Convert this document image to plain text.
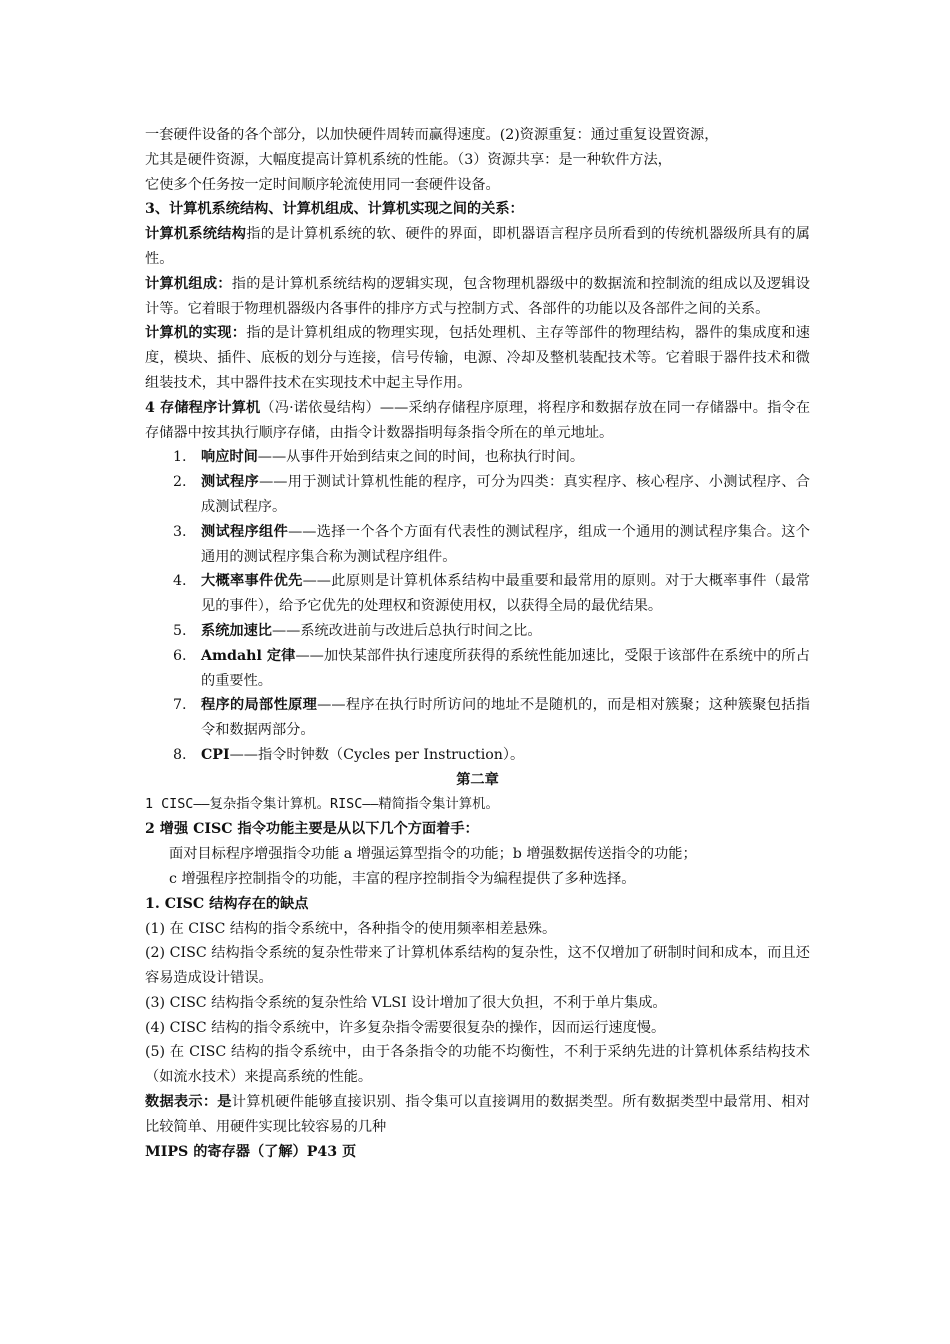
一套硬件设备的各个部分，以加快硬件周转而赢得速度。(2)资源重复：通过重复设置资源，

尤其是硬件资源，大幅度提高计算机系统的性能。（3）资源共享：是一种软件方法，

它使多个任务按一定时间顺序轮流使用同一套硬件设备。

3、计算机系统结构、计算机组成、计算机实现之间的关系：

计算机系统结构指的是计算机系统的软、硬件的界面，即机器语言程序员所看到的传统机器级所具有的属性。

计算机组成：指的是计算机系统结构的逻辑实现，包含物理机器级中的数据流和控制流的组成以及逻辑设计等。它着眼于物理机器级内各事件的排序方式与控制方式、各部件的功能以及各部件之间的关系。

计算机的实现：指的是计算机组成的物理实现，包括处理机、主存等部件的物理结构，器件的集成度和速度，模块、插件、底板的划分与连接，信号传输，电源、冷却及整机装配技术等。它着眼于器件技术和微组装技术，其中器件技术在实现技术中起主导作用。

4 存储程序计算机（冯·诺依曼结构）——采纳存储程序原理，将程序和数据存放在同一存储器中。指令在存储器中按其执行顺序存储，由指令计数器指明每条指令所在的单元地址。

1. 响应时间——从事件开始到结束之间的时间，也称执行时间。
2. 测试程序——用于测试计算机性能的程序，可分为四类：真实程序、核心程序、小测试程序、合成测试程序。
3. 测试程序组件——选择一个各个方面有代表性的测试程序，组成一个通用的测试程序集合。这个通用的测试程序集合称为测试程序组件。
4. 大概率事件优先——此原则是计算机体系结构中最重要和最常用的原则。对于大概率事件（最常见的事件），给予它优先的处理权和资源使用权，以获得全局的最优结果。
5. 系统加速比——系统改进前与改进后总执行时间之比。
6. Amdahl 定律——加快某部件执行速度所获得的系统性能加速比，受限于该部件在系统中的所占的重要性。
7. 程序的局部性原理——程序在执行时所访问的地址不是随机的，而是相对簇聚；这种簇聚包括指令和数据两部分。
8. CPI——指令时钟数（Cycles per Instruction）。

第二章

1 CISC——复杂指令集计算机。RISC——精简指令集计算机。

2 增强 CISC 指令功能主要是从以下几个方面着手：

面对目标程序增强指令功能 a 增强运算型指令的功能；b 增强数据传送指令的功能；

c 增强程序控制指令的功能，丰富的程序控制指令为编程提供了多种选择。

1. CISC 结构存在的缺点

(1) 在 CISC 结构的指令系统中，各种指令的使用频率相差悬殊。

(2) CISC 结构指令系统的复杂性带来了计算机体系结构的复杂性，这不仅增加了研制时间和成本，而且还容易造成设计错误。

(3) CISC 结构指令系统的复杂性给 VLSI 设计增加了很大负担，不利于单片集成。

(4) CISC 结构的指令系统中，许多复杂指令需要很复杂的操作，因而运行速度慢。

(5) 在 CISC 结构的指令系统中，由于各条指令的功能不均衡性，不利于采纳先进的计算机体系结构技术（如流水技术）来提高系统的性能。

数据表示：是计算机硬件能够直接识别、指令集可以直接调用的数据类型。所有数据类型中最常用、相对比较简单、用硬件实现比较容易的几种

MIPS 的寄存器（了解）P43 页
